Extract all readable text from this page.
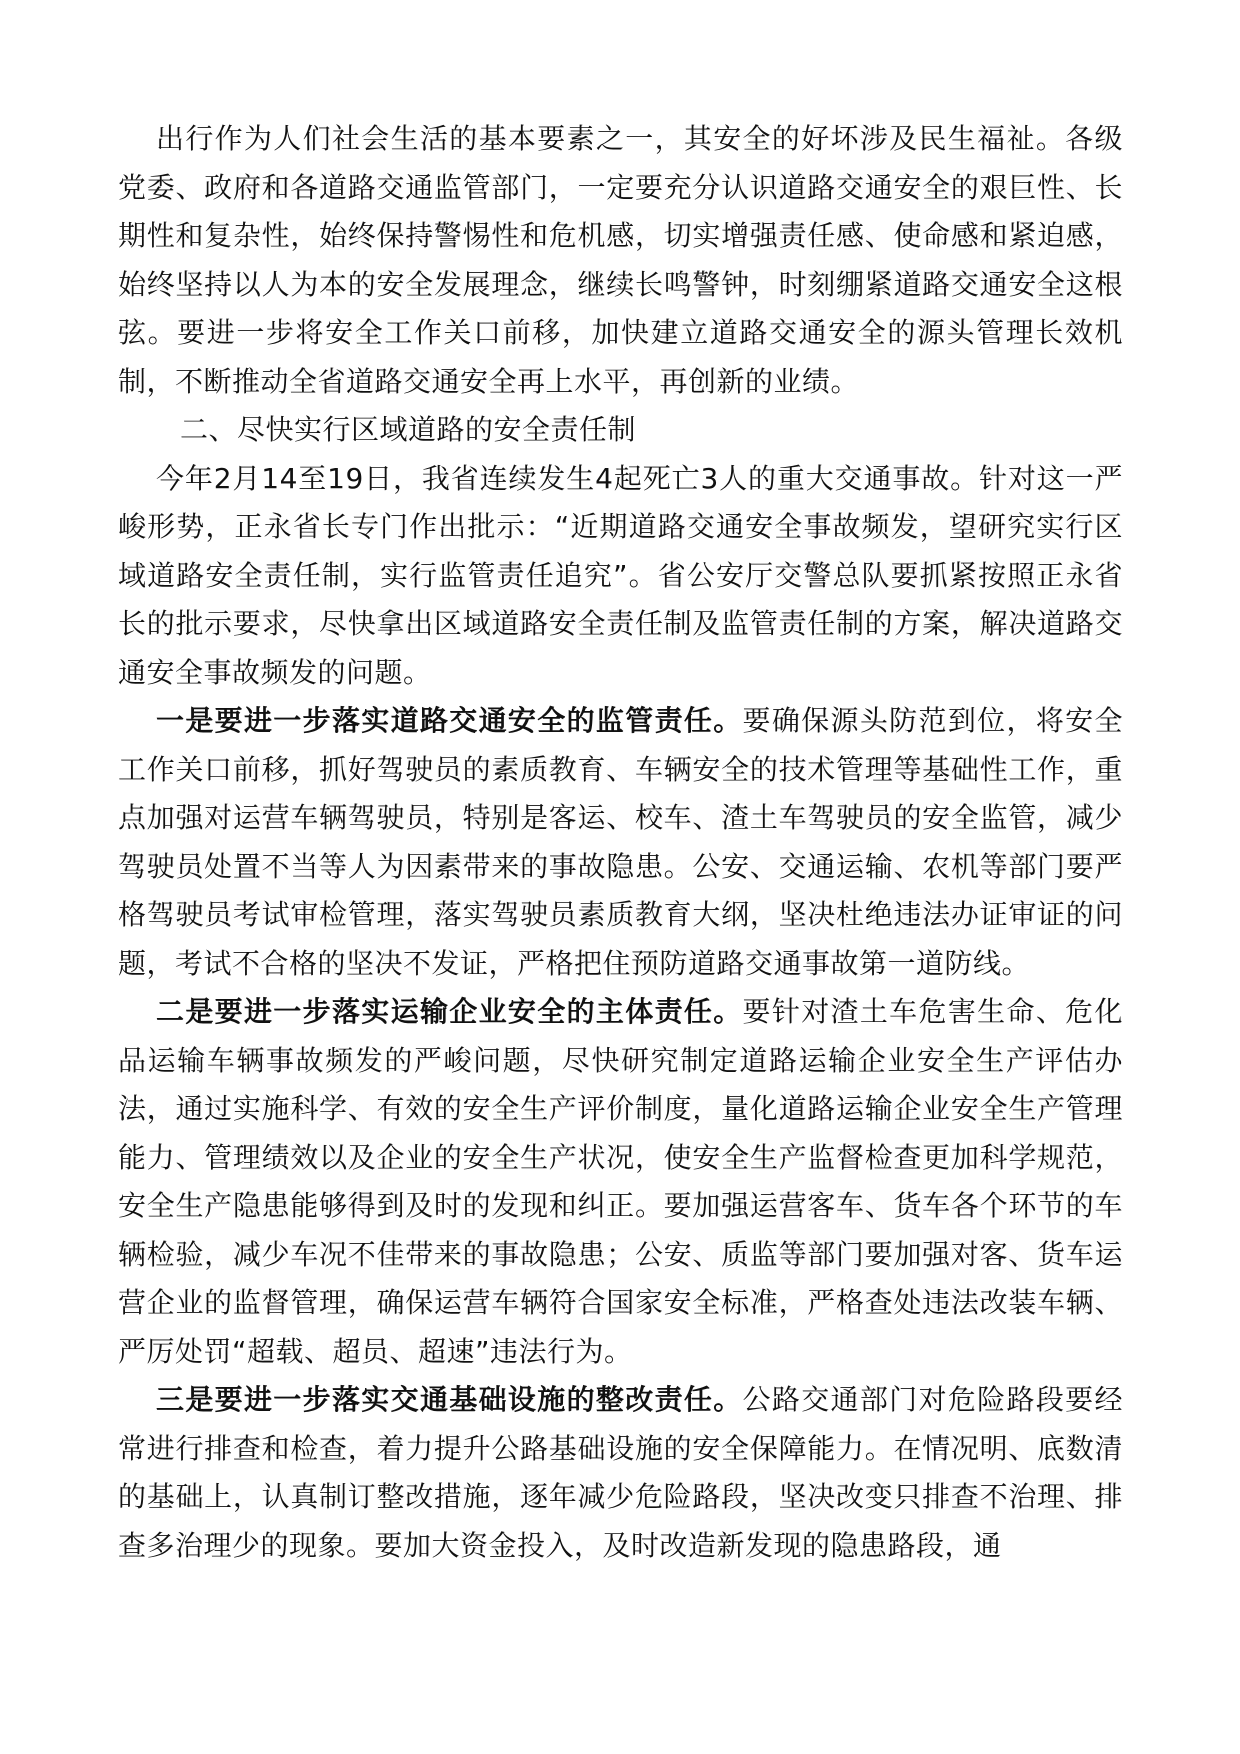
出行作为人们社会生活的基本要素之一，其安全的好坏涉及民生福祉。各级党委、政府和各道路交通监管部门，一定要充分认识道路交通安全的艰巨性、长期性和复杂性，始终保持警惕性和危机感，切实增强责任感、使命感和紧迫感，始终坚持以人为本的安全发展理念，继续长鸣警钟，时刻绷紧道路交通安全这根弦。要进一步将安全工作关口前移，加快建立道路交通安全的源头管理长效机制，不断推动全省道路交通安全再上水平，再创新的业绩。

二、尽快实行区域道路的安全责任制

今年2月14至19日，我省连续发生4起死亡3人的重大交通事故。针对这一严峻形势，正永省长专门作出批示：“近期道路交通安全事故频发，望研究实行区域道路安全责任制，实行监管责任追究”。省公安厅交警总队要抓紧按照正永省长的批示要求，尽快拿出区域道路安全责任制及监管责任制的方案，解决道路交通安全事故频发的问题。

一是要进一步落实道路交通安全的监管责任。要确保源头防范到位，将安全工作关口前移，抓好驾驶员的素质教育、车辆安全的技术管理等基础性工作，重点加强对运营车辆驾驶员，特别是客运、校车、渣土车驾驶员的安全监管，减少驾驶员处置不当等人为因素带来的事故隐患。公安、交通运输、农机等部门要严格驾驶员考试审检管理，落实驾驶员素质教育大纲，坚决杜绝违法办证审证的问题，考试不合格的坚决不发证，严格把住预防道路交通事故第一道防线。

二是要进一步落实运输企业安全的主体责任。要针对渣土车危害生命、危化品运输车辆事故频发的严峻问题，尽快研究制定道路运输企业安全生产评估办法，通过实施科学、有效的安全生产评价制度，量化道路运输企业安全生产管理能力、管理绩效以及企业的安全生产状况，使安全生产监督检查更加科学规范，安全生产隐患能够得到及时的发现和纠正。要加强运营客车、货车各个环节的车辆检验，减少车况不佳带来的事故隐患；公安、质监等部门要加强对客、货车运营企业的监督管理，确保运营车辆符合国家安全标准，严格查处违法改装车辆、严厉处罚“超载、超员、超速”违法行为。

三是要进一步落实交通基础设施的整改责任。公路交通部门对危险路段要经常进行排查和检查，着力提升公路基础设施的安全保障能力。在情况明、底数清的基础上，认真制订整改措施，逐年减少危险路段，坚决改变只排查不治理、排查多治理少的现象。要加大资金投入，及时改造新发现的隐患路段，通
